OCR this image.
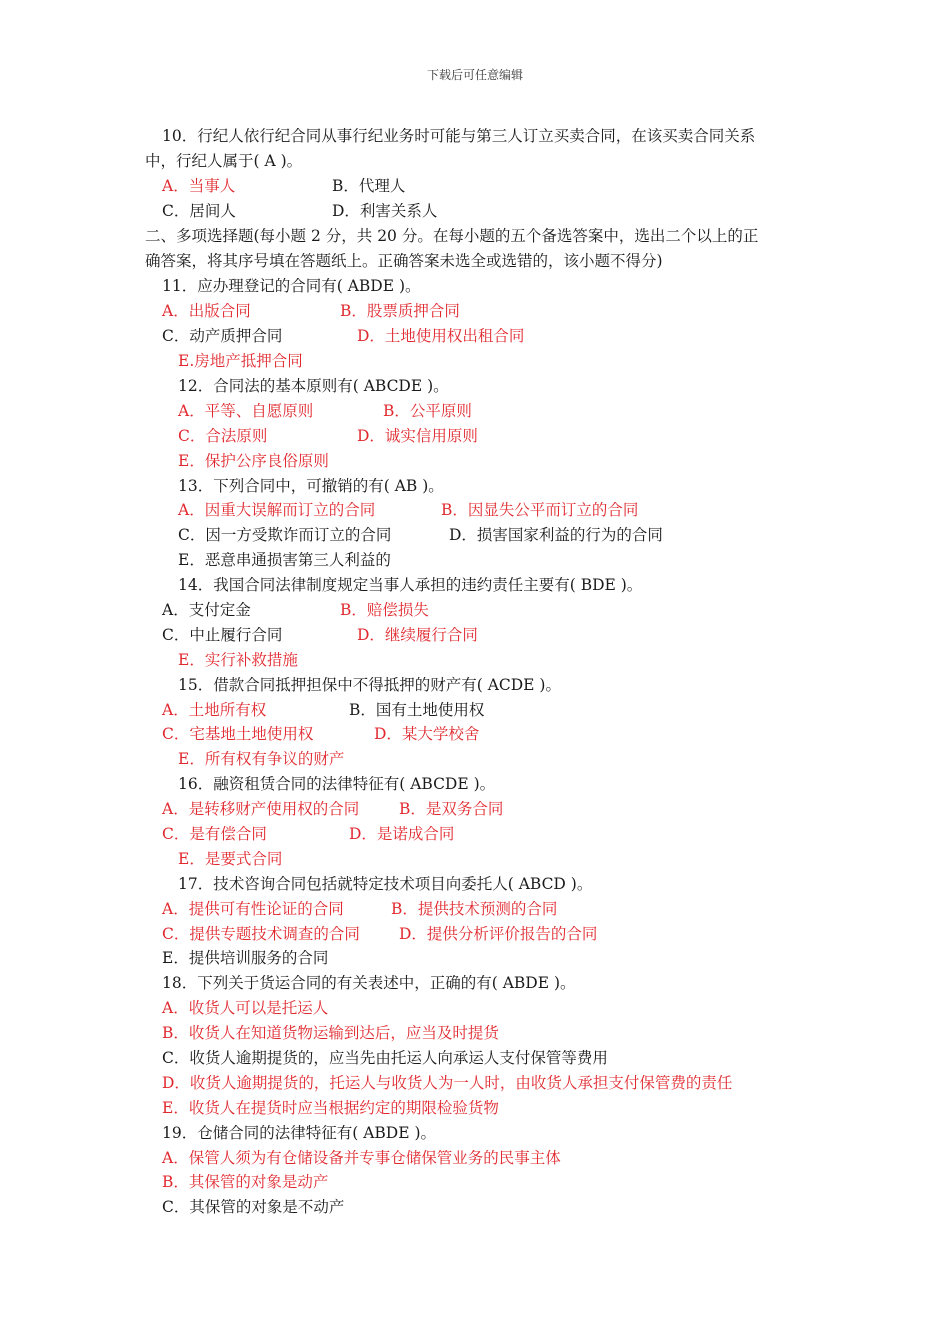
下载后可任意编辑
10．行纪人依行纪合同从事行纪业务时可能与第三人订立买卖合同，在该买卖合同关系
中，行纪人属于( A )。
A．当事人	B．代理人
C．居间人	D．利害关系人
二、多项选择题(每小题 2 分，共 20 分。在每小题的五个备选答案中，选出二个以上的正
确答案，将其序号填在答题纸上。正确答案未选全或选错的，该小题不得分)
11．应办理登记的合同有( ABDE )。
A．出版合同	B．股票质押合同
C．动产质押合同	D．土地使用权出租合同
E.房地产抵押合同
12．合同法的基本原则有( ABCDE )。
A．平等、自愿原则	B．公平原则
C．合法原则	D．诚实信用原则
E．保护公序良俗原则
13．下列合同中，可撤销的有( AB )。
A．因重大误解而订立的合同	B．因显失公平而订立的合同
C．因一方受欺诈而订立的合同	D．损害国家利益的行为的合同
E．恶意串通损害第三人利益的
14．我国合同法律制度规定当事人承担的违约责任主要有( BDE )。
A．支付定金	B．赔偿损失
C．中止履行合同	D．继续履行合同
E．实行补救措施
15．借款合同抵押担保中不得抵押的财产有( ACDE )。
A．土地所有权	B．国有土地使用权
C．宅基地土地使用权	D．某大学校舍
E．所有权有争议的财产
16．融资租赁合同的法律特征有( ABCDE )。
A．是转移财产使用权的合同	B．是双务合同
C．是有偿合同	D．是诺成合同
E．是要式合同
17．技术咨询合同包括就特定技术项目向委托人( ABCD )。
A．提供可有性论证的合同	B．提供技术预测的合同
C．提供专题技术调查的合同	D．提供分析评价报告的合同
E．提供培训服务的合同
18．下列关于货运合同的有关表述中，正确的有( ABDE )。
A．收货人可以是托运人
B．收货人在知道货物运输到达后，应当及时提货
C．收货人逾期提货的，应当先由托运人向承运人支付保管等费用
D．收货人逾期提货的，托运人与收货人为一人时，由收货人承担支付保管费的责任
E．收货人在提货时应当根据约定的期限检验货物
19．仓储合同的法律特征有( ABDE )。
A．保管人须为有仓储设备并专事仓储保管业务的民事主体
B．其保管的对象是动产
C．其保管的对象是不动产
